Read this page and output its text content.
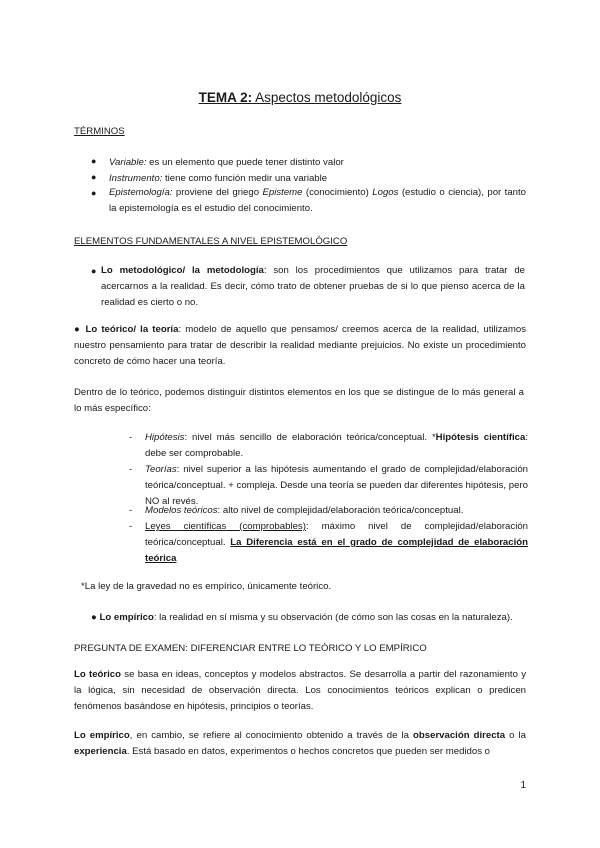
TEMA 2: Aspectos metodológicos
TÉRMINOS
● Variable: es un elemento que puede tener distinto valor
● Instrumento: tiene como función medir una variable
● Epistemología: proviene del griego Episteme (conocimiento) Logos (estudio o ciencia), por tanto la epistemología es el estudio del conocimiento.
ELEMENTOS FUNDAMENTALES A NIVEL EPISTEMOLÓGICO
● Lo metodológico/ la metodología: son los procedimientos que utilizamos para tratar de acercarnos a la realidad. Es decir, cómo trato de obtener pruebas de si lo que pienso acerca de la realidad es cierto o no.
● Lo teórico/ la teoría: modelo de aquello que pensamos/ creemos acerca de la realidad, utilizamos nuestro pensamiento para tratar de describir la realidad mediante prejuicios. No existe un procedimiento concreto de cómo hacer una teoría.
Dentro de lo teórico, podemos distinguir distintos elementos en los que se distingue de lo más general a lo más específico:
- Hipótesis: nivel más sencillo de elaboración teórica/conceptual. *Hipótesis científica: debe ser comprobable.
- Teorías: nivel superior a las hipótesis aumentando el grado de complejidad/elaboración teórica/conceptual. + compleja. Desde una teoría se pueden dar diferentes hipótesis, pero NO al revés.
- Modelos teóricos: alto nivel de complejidad/elaboración teórica/conceptual.
- Leyes científicas (comprobables): máximo nivel de complejidad/elaboración teórica/conceptual. La Diferencia está en el grado de complejidad de elaboración teórica
*La ley de la gravedad no es empírico, únicamente teórico.
● Lo empírico: la realidad en sí misma y su observación (de cómo son las cosas en la naturaleza).
PREGUNTA DE EXAMEN: DIFERENCIAR ENTRE LO TEÓRICO Y LO EMPÍRICO
Lo teórico se basa en ideas, conceptos y modelos abstractos. Se desarrolla a partir del razonamiento y la lógica, sin necesidad de observación directa. Los conocimientos teóricos explican o predicen fenómenos basándose en hipótesis, principios o teorías.
Lo empírico, en cambio, se refiere al conocimiento obtenido a través de la observación directa o la experiencia. Está basado en datos, experimentos o hechos concretos que pueden ser medidos o
1
